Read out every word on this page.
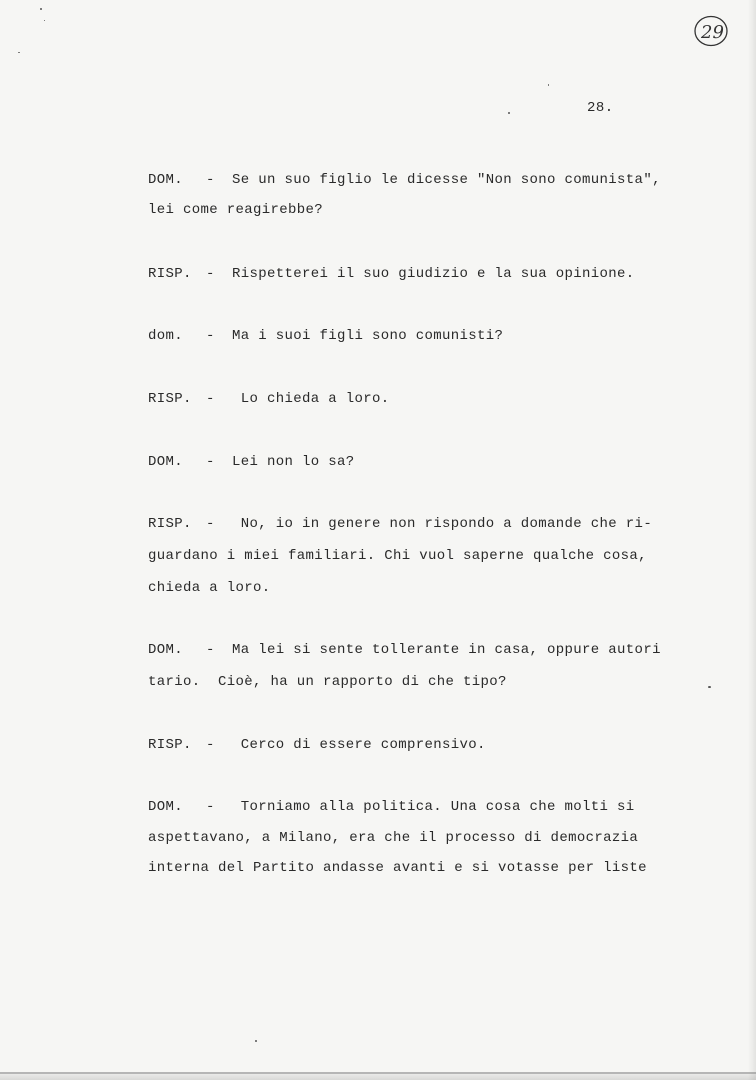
29
28.
DOM. - Se un suo figlio le dicesse "Non sono comunista",
lei come reagirebbe?
RISP. - Rispetterei il suo giudizio e la sua opinione.
dom. - Ma i suoi figli sono comunisti?
RISP. - Lo chieda a loro.
DOM. - Lei non lo sa?
RISP. - No, io in genere non rispondo a domande che ri-
guardano i miei familiari. Chi vuol saperne qualche cosa,
chieda a loro.
DOM. - Ma lei si sente tollerante in casa, oppure autori
tario.  Cioè, ha un rapporto di che tipo?
RISP. - Cerco di essere comprensivo.
DOM. - Torniamo alla politica. Una cosa che molti si
aspettavano, a Milano, era che il processo di democrazia
interna del Partito andasse avanti e si votasse per liste
